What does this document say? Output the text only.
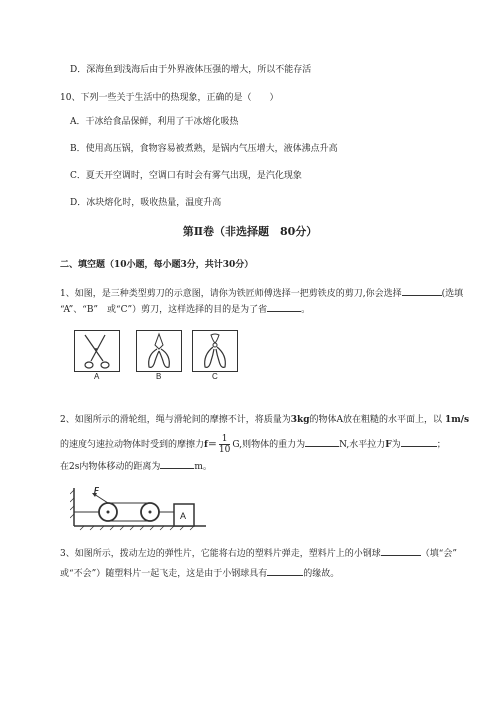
D．深海鱼到浅海后由于外界液体压强的增大，所以不能存活
10、下列一些关于生活中的热现象，正确的是（　　）
A．干冰给食品保鲜，利用了干冰熔化吸热
B．使用高压锅，食物容易被煮熟，是锅内气压增大，液体沸点升高
C．夏天开空调时，空调口有时会有雾气出现，是汽化现象
D．冰块熔化时，吸收热量，温度升高
第Ⅱ卷（非选择题　80分）
二、填空题（10小题，每小题3分，共计30分）
1、如图，是三种类型剪刀的示意图，请你为铁匠师傅选择一把剪铁皮的剪刀,你会选择	(选填
“A”、“B”　或“C”）剪刀，这样选择的目的是为了省	。
A	B	C
2、如图所示的滑轮组，绳与滑轮间的摩擦不计，将质量为3kg的物体A放在粗糙的水平面上，以 1m/s
的速度匀速拉动物体时受到的摩擦力$f= \frac{1}{10} G$,则物体的重力为	N,水平拉力F为	；
在2s内物体移动的距离为	m。
F
A
3、如图所示，拨动左边的弹性片，它能将右边的塑料片弹走，塑料片上的小钢球	（填“会”
或“不会”）随塑料片一起飞走，这是由于小钢球具有	的缘故。
